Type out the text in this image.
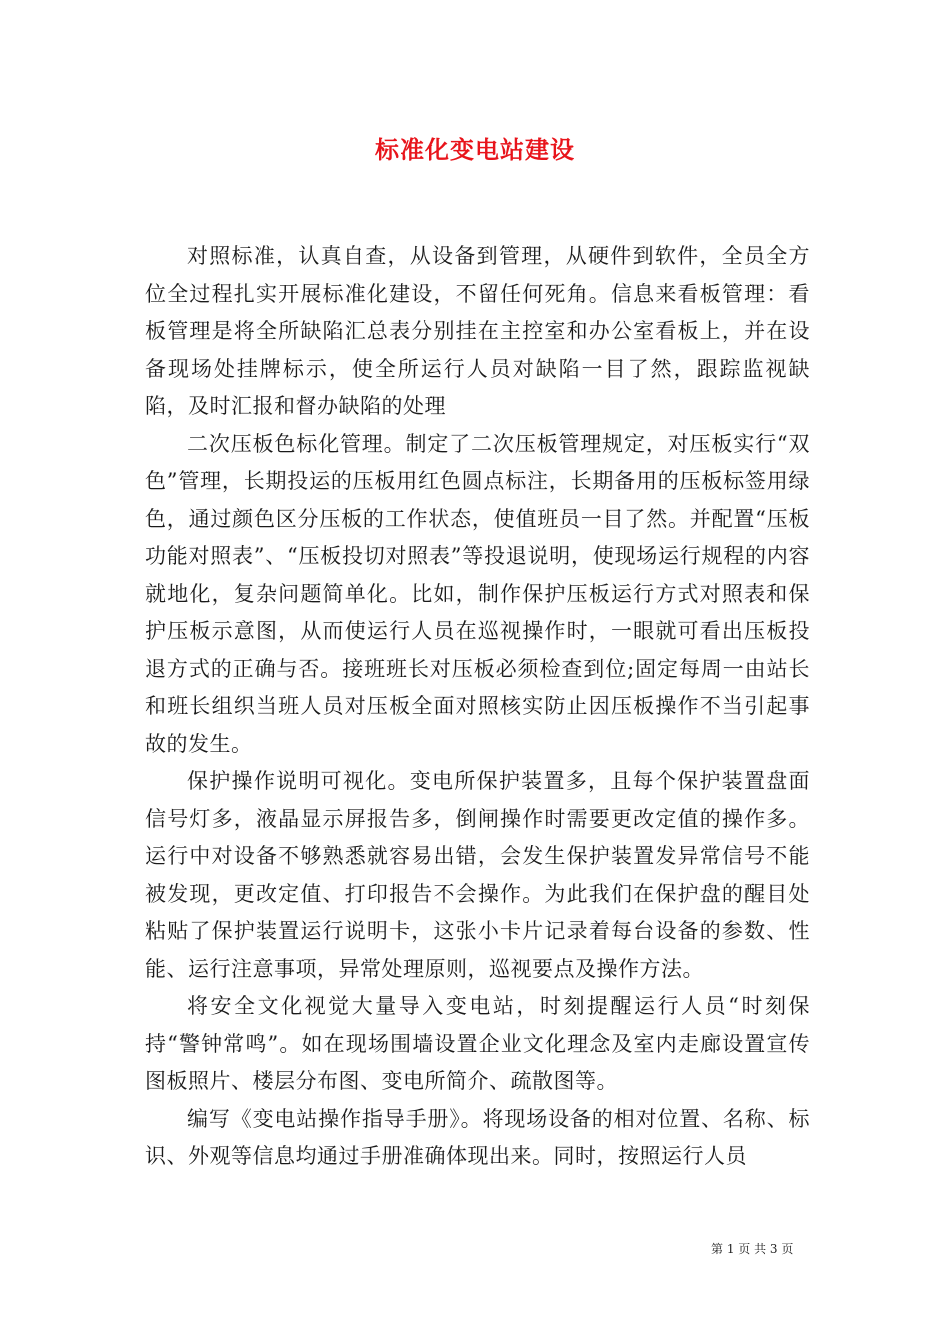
标准化变电站建设

对照标准，认真自查，从设备到管理，从硬件到软件，全员全方位全过程扎实开展标准化建设，不留任何死角。信息来看板管理：看板管理是将全所缺陷汇总表分别挂在主控室和办公室看板上，并在设备现场处挂牌标示，使全所运行人员对缺陷一目了然，跟踪监视缺陷，及时汇报和督办缺陷的处理

二次压板色标化管理。制定了二次压板管理规定，对压板实行“双色”管理，长期投运的压板用红色圆点标注，长期备用的压板标签用绿色，通过颜色区分压板的工作状态，使值班员一目了然。并配置“压板功能对照表”、“压板投切对照表”等投退说明，使现场运行规程的内容就地化，复杂问题简单化。比如，制作保护压板运行方式对照表和保护压板示意图，从而使运行人员在巡视操作时，一眼就可看出压板投退方式的正确与否。接班班长对压板必须检查到位;固定每周一由站长和班长组织当班人员对压板全面对照核实防止因压板操作不当引起事故的发生。

保护操作说明可视化。变电所保护装置多，且每个保护装置盘面信号灯多，液晶显示屏报告多，倒闸操作时需要更改定值的操作多。运行中对设备不够熟悉就容易出错，会发生保护装置发异常信号不能被发现，更改定值、打印报告不会操作。为此我们在保护盘的醒目处粘贴了保护装置运行说明卡，这张小卡片记录着每台设备的参数、性能、运行注意事项，异常处理原则，巡视要点及操作方法。

将安全文化视觉大量导入变电站，时刻提醒运行人员“时刻保持“警钟常鸣”。如在现场围墙设置企业文化理念及室内走廊设置宣传图板照片、楼层分布图、变电所简介、疏散图等。

编写《变电站操作指导手册》。将现场设备的相对位置、名称、标识、外观等信息均通过手册准确体现出来。同时，按照运行人员

第 1 页 共 3 页
